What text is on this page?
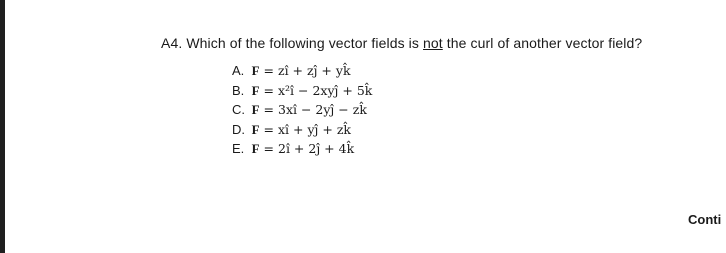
A4. Which of the following vector fields is not the curl of another vector field?
A. F = zî + zĵ + yk̂
B. F = x²î − 2xyĵ + 5k̂
C. F = 3xî − 2yĵ − zk̂
D. F = xî + yĵ + zk̂
E. F = 2î + 2ĵ + 4k̂
Conti
